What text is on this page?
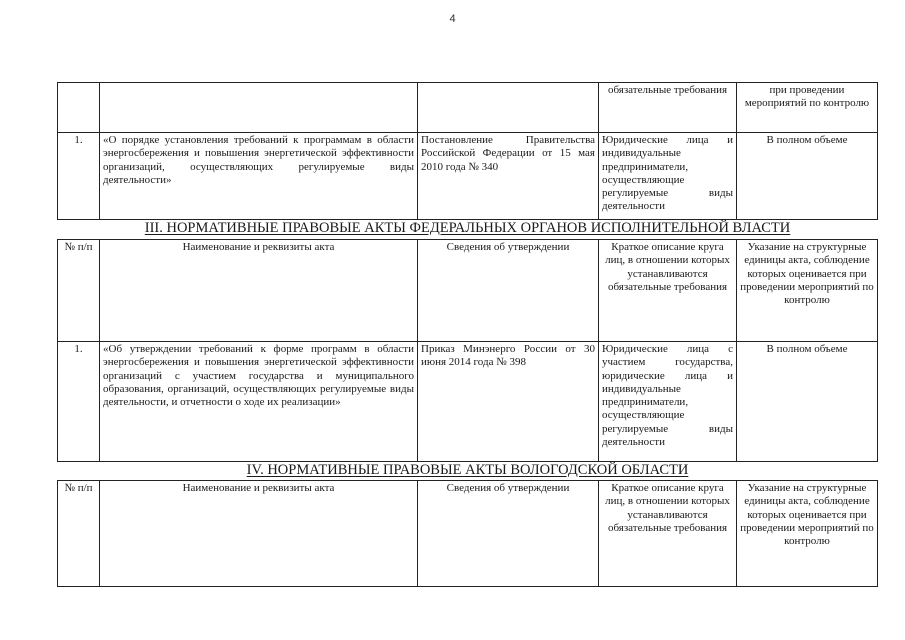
4
			обязательные требования	при проведении мероприятий по контролю
1.	«О порядке установления требований к программам в области энергосбережения и повышения энергетической эффективности организаций, осуществляющих регулируемые виды деятельности»	Постановление Правительства Российской Федерации от 15 мая 2010 года № 340	Юридические лица и индивидуальные предприниматели, осуществляющие регулируемые виды деятельности	В полном объеме
III. НОРМАТИВНЫЕ ПРАВОВЫЕ АКТЫ ФЕДЕРАЛЬНЫХ ОРГАНОВ ИСПОЛНИТЕЛЬНОЙ ВЛАСТИ				
№ п/п	Наименование и реквизиты акта	Сведения об утверждении	Краткое описание круга лиц, в отношении которых устанавливаются обязательные требования	Указание на структурные единицы акта, соблюдение которых оценивается при проведении мероприятий по контролю
1.	«Об утверждении требований к форме программ в области энергосбережения и повышения энергетической эффективности организаций с участием государства и муниципального образования, организаций, осуществляющих регулируемые виды деятельности, и отчетности о ходе их реализации»	Приказ Минэнерго России от 30 июня 2014 года № 398	Юридические лица с участием государства, юридические лица и индивидуальные предприниматели, осуществляющие регулируемые виды деятельности	В полном объеме
IV. НОРМАТИВНЫЕ ПРАВОВЫЕ АКТЫ ВОЛОГОДСКОЙ ОБЛАСТИ				
№ п/п	Наименование и реквизиты акта	Сведения об утверждении	Краткое описание круга лиц, в отношении которых устанавливаются обязательные требования	Указание на структурные единицы акта, соблюдение которых оценивается при проведении мероприятий по контролю
